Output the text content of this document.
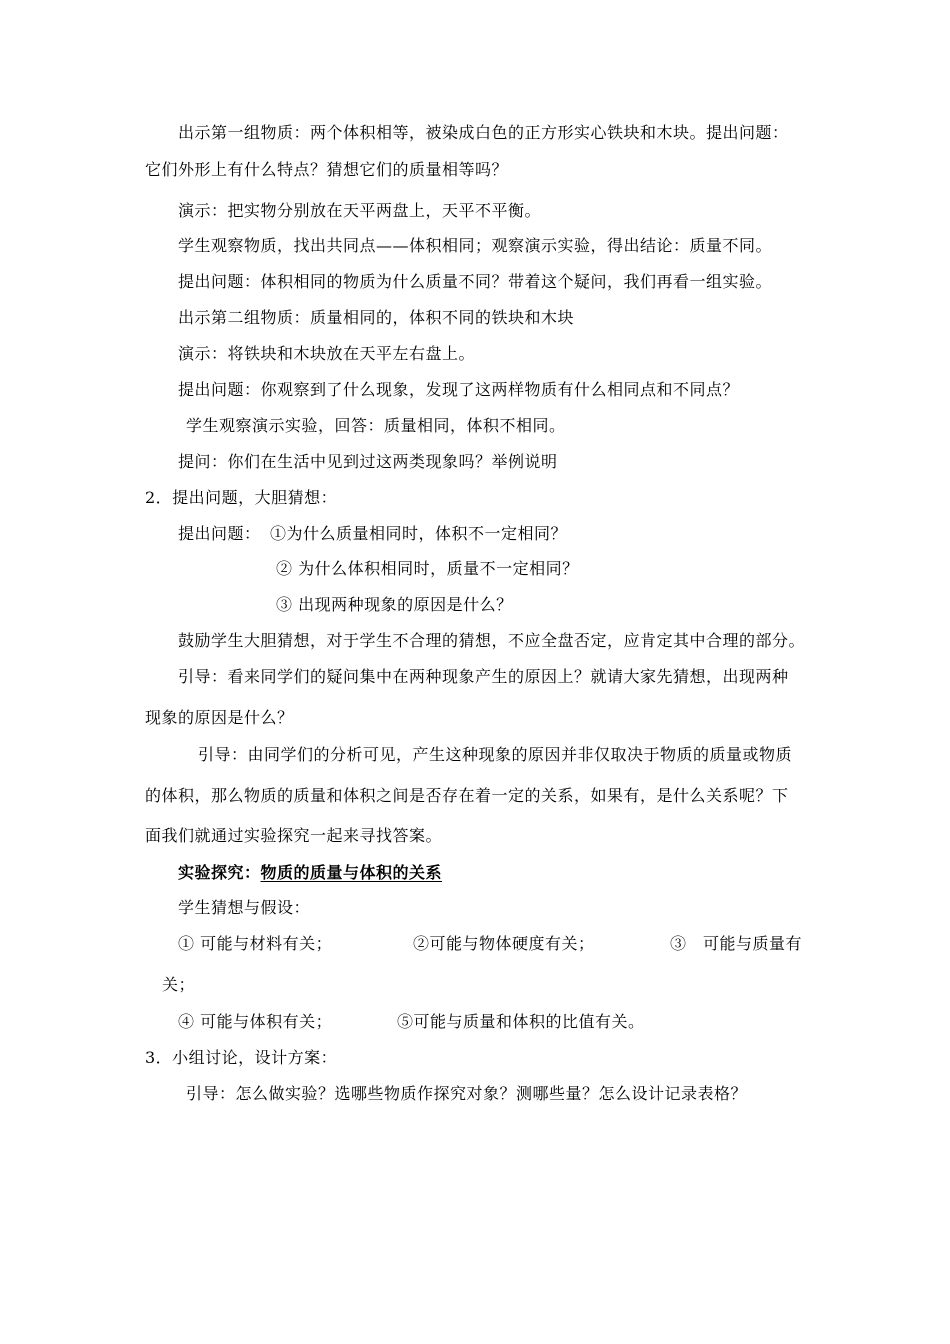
出示第一组物质：两个体积相等，被染成白色的正方形实心铁块和木块。提出问题：
它们外形上有什么特点？猜想它们的质量相等吗？
演示：把实物分别放在天平两盘上，天平不平衡。
学生观察物质，找出共同点——体积相同；观察演示实验，得出结论：质量不同。
提出问题：体积相同的物质为什么质量不同？带着这个疑问，我们再看一组实验。
出示第二组物质：质量相同的，体积不同的铁块和木块
演示：将铁块和木块放在天平左右盘上。
提出问题：你观察到了什么现象，发现了这两样物质有什么相同点和不同点？
学生观察演示实验，回答：质量相同，体积不相同。
提问：你们在生活中见到过这两类现象吗？举例说明
2．提出问题，大胆猜想：
提出问题： ①为什么质量相同时，体积不一定相同？
② 为什么体积相同时，质量不一定相同？
③ 出现两种现象的原因是什么？
鼓励学生大胆猜想，对于学生不合理的猜想，不应全盘否定，应肯定其中合理的部分。
引导：看来同学们的疑问集中在两种现象产生的原因上？就请大家先猜想，出现两种
现象的原因是什么？
引导：由同学们的分析可见，产生这种现象的原因并非仅取决于物质的质量或物质
的体积，那么物质的质量和体积之间是否存在着一定的关系，如果有，是什么关系呢？下
面我们就通过实验探究一起来寻找答案。
实验探究：物质的质量与体积的关系
学生猜想与假设：
① 可能与材料有关；	②可能与物体硬度有关；	③　可能与质量有
关；
④ 可能与体积有关；	⑤可能与质量和体积的比值有关。
3．小组讨论，设计方案：
引导：怎么做实验？选哪些物质作探究对象？测哪些量？怎么设计记录表格？
